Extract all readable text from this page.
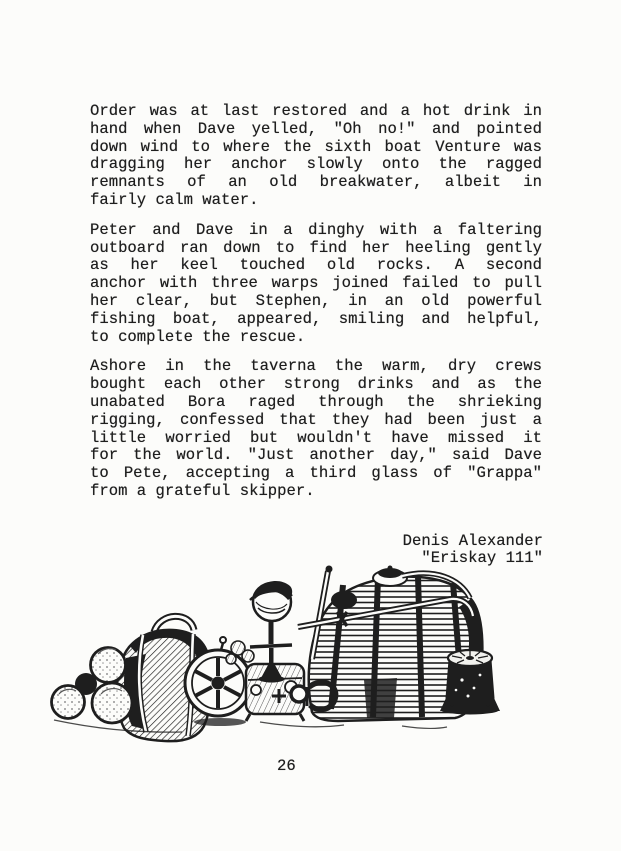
Order was at last restored and a hot drink in
hand when Dave yelled, "Oh no!" and pointed
down wind to where the sixth boat Venture was
dragging her anchor slowly onto the ragged
remnants of an old breakwater, albeit in
fairly calm water.
Peter and Dave in a dinghy with a faltering
outboard ran down to find her heeling gently
as her keel touched old rocks. A second
anchor with three warps joined failed to pull
her clear, but Stephen, in an old powerful
fishing boat, appeared, smiling and helpful,
to complete the rescue.
Ashore in the taverna the warm, dry crews
bought each other strong drinks and as the
unabated Bora raged through the shrieking
rigging, confessed that they had been just a
little worried but wouldn't have missed it
for the world. "Just another day," said Dave
to Pete, accepting a third glass of "Grappa"
from a grateful skipper.
Denis Alexander
"Eriskay 111"
26
